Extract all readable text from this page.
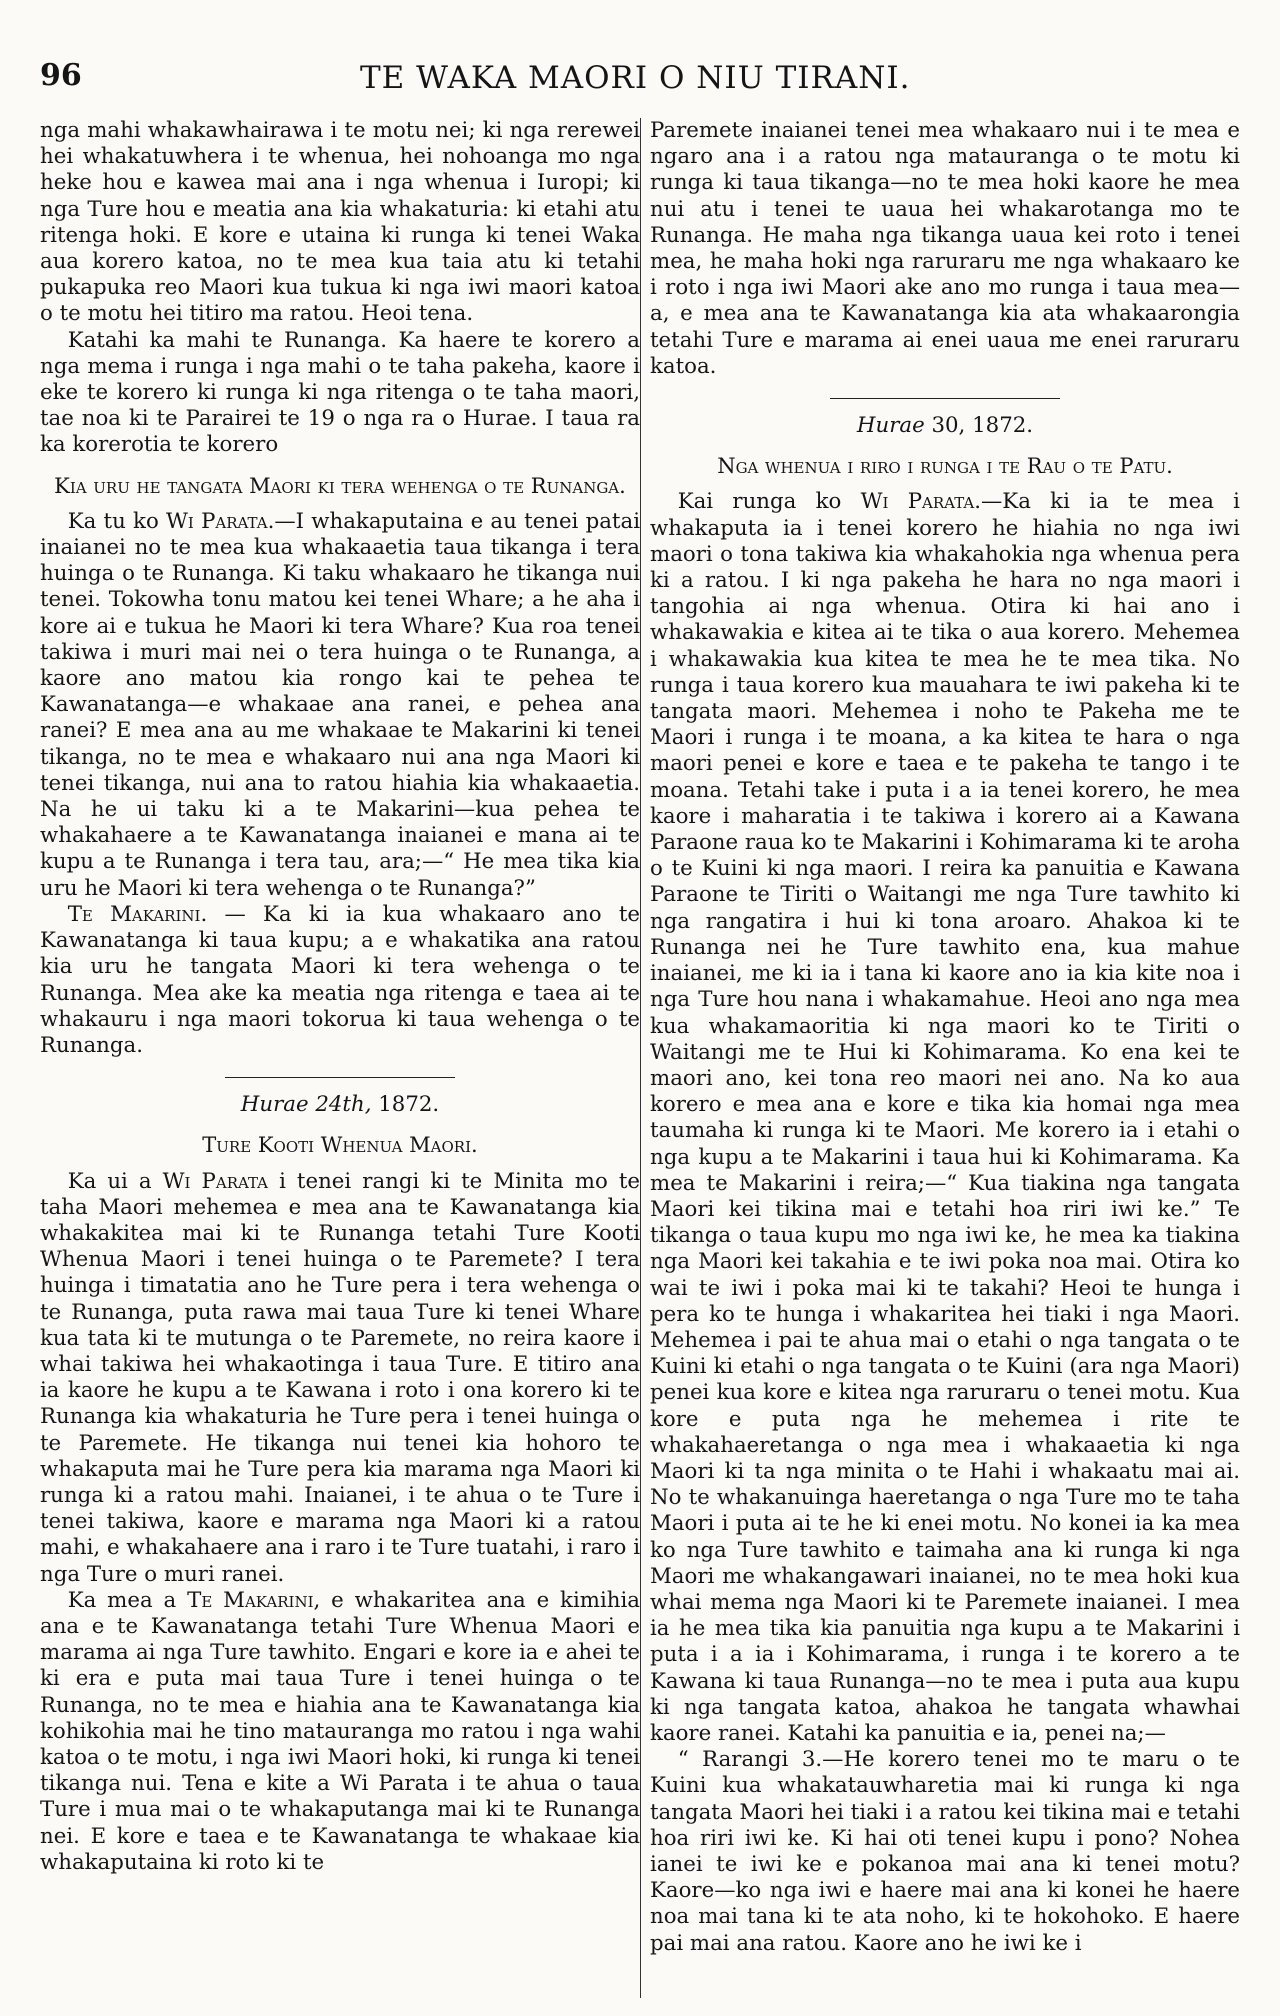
96	TE WAKA MAORI O NIU TIRANI.

nga mahi whakawhairawa i te motu nei; ki nga rerewei hei whakatuwhera i te whenua, hei nohoanga mo nga heke hou e kawea mai ana i nga whenua i Iuropi; ki nga Ture hou e meatia ana kia whakaturia: ki etahi atu ritenga hoki. E kore e utaina ki runga ki tenei Waka aua korero katoa, no te mea kua taia atu ki tetahi pukapuka reo Maori kua tukua ki nga iwi maori katoa o te motu hei titiro ma ratou. Heoi tena.

Katahi ka mahi te Runanga. Ka haere te korero a nga mema i runga i nga mahi o te taha pakeha, kaore i eke te korero ki runga ki nga ritenga o te taha maori, tae noa ki te Parairei te 19 o nga ra o Hurae. I taua ra ka korerotia te korero

Kia uru he tangata Maori ki tera wehenga o te Runanga.

Ka tu ko Wi Parata.—I whakaputaina e au tenei patai inaianei no te mea kua whakaaetia taua tikanga i tera huinga o te Runanga. Ki taku whakaaro he tikanga nui tenei. Tokowha tonu matou kei tenei Whare; a he aha i kore ai e tukua he Maori ki tera Whare? Kua roa tenei takiwa i muri mai nei o tera huinga o te Runanga, a kaore ano matou kia rongo kai te pehea te Kawanatanga—e whakaae ana ranei, e pehea ana ranei? E mea ana au me whakaae te Makarini ki tenei tikanga, no te mea e whakaaro nui ana nga Maori ki tenei tikanga, nui ana to ratou hiahia kia whakaaetia. Na he ui taku ki a te Makarini—kua pehea te whakahaere a te Kawanatanga inaianei e mana ai te kupu a te Runanga i tera tau, ara;—“ He mea tika kia uru he Maori ki tera wehenga o te Runanga?”

Te Makarini. — Ka ki ia kua whakaaro ano te Kawanatanga ki taua kupu; a e whakatika ana ratou kia uru he tangata Maori ki tera wehenga o te Runanga. Mea ake ka meatia nga ritenga e taea ai te whakauru i nga maori tokorua ki taua wehenga o te Runanga.

Hurae 24th, 1872.

Ture Kooti Whenua Maori.

Ka ui a Wi Parata i tenei rangi ki te Minita mo te taha Maori mehemea e mea ana te Kawanatanga kia whakakitea mai ki te Runanga tetahi Ture Kooti Whenua Maori i tenei huinga o te Paremete? I tera huinga i timatatia ano he Ture pera i tera wehenga o te Runanga, puta rawa mai taua Ture ki tenei Whare kua tata ki te mutunga o te Paremete, no reira kaore i whai takiwa hei whakaotinga i taua Ture. E titiro ana ia kaore he kupu a te Kawana i roto i ona korero ki te Runanga kia whakaturia he Ture pera i tenei huinga o te Paremete. He tikanga nui tenei kia hohoro te whakaputa mai he Ture pera kia marama nga Maori ki runga ki a ratou mahi. Inaianei, i te ahua o te Ture i tenei takiwa, kaore e marama nga Maori ki a ratou mahi, e whakahaere ana i raro i te Ture tuatahi, i raro i nga Ture o muri ranei.

Ka mea a Te Makarini, e whakaritea ana e kimihia ana e te Kawanatanga tetahi Ture Whenua Maori e marama ai nga Ture tawhito. Engari e kore ia e ahei te ki era e puta mai taua Ture i tenei huinga o te Runanga, no te mea e hiahia ana te Kawanatanga kia kohikohia mai he tino matauranga mo ratou i nga wahi katoa o te motu, i nga iwi Maori hoki, ki runga ki tenei tikanga nui. Tena e kite a Wi Parata i te ahua o taua Ture i mua mai o te whakaputanga mai ki te Runanga nei. E kore e taea e te Kawanatanga te whakaae kia whakaputaina ki roto ki te

Paremete inaianei tenei mea whakaaro nui i te mea e ngaro ana i a ratou nga matauranga o te motu ki runga ki taua tikanga—no te mea hoki kaore he mea nui atu i tenei te uaua hei whakarotanga mo te Runanga. He maha nga tikanga uaua kei roto i tenei mea, he maha hoki nga raruraru me nga whakaaro ke i roto i nga iwi Maori ake ano mo runga i taua mea—a, e mea ana te Kawanatanga kia ata whakaarongia tetahi Ture e marama ai enei uaua me enei raruraru katoa.

Hurae 30, 1872.

Nga whenua i riro i runga i te Rau o te Patu.

Kai runga ko Wi Parata.—Ka ki ia te mea i whakaputa ia i tenei korero he hiahia no nga iwi maori o tona takiwa kia whakahokia nga whenua pera ki a ratou. I ki nga pakeha he hara no nga maori i tangohia ai nga whenua. Otira ki hai ano i whakawakia e kitea ai te tika o aua korero. Mehemea i whakawakia kua kitea te mea he te mea tika. No runga i taua korero kua mauahara te iwi pakeha ki te tangata maori. Mehemea i noho te Pakeha me te Maori i runga i te moana, a ka kitea te hara o nga maori penei e kore e taea e te pakeha te tango i te moana. Tetahi take i puta i a ia tenei korero, he mea kaore i maharatia i te takiwa i korero ai a Kawana Paraone raua ko te Makarini i Kohimarama ki te aroha o te Kuini ki nga maori. I reira ka panuitia e Kawana Paraone te Tiriti o Waitangi me nga Ture tawhito ki nga rangatira i hui ki tona aroaro. Ahakoa ki te Runanga nei he Ture tawhito ena, kua mahue inaianei, me ki ia i tana ki kaore ano ia kia kite noa i nga Ture hou nana i whakamahue. Heoi ano nga mea kua whakamaoritia ki nga maori ko te Tiriti o Waitangi me te Hui ki Kohimarama. Ko ena kei te maori ano, kei tona reo maori nei ano. Na ko aua korero e mea ana e kore e tika kia homai nga mea taumaha ki runga ki te Maori. Me korero ia i etahi o nga kupu a te Makarini i taua hui ki Kohimarama. Ka mea te Makarini i reira;—“ Kua tiakina nga tangata Maori kei tikina mai e tetahi hoa riri iwi ke.” Te tikanga o taua kupu mo nga iwi ke, he mea ka tiakina nga Maori kei takahia e te iwi poka noa mai. Otira ko wai te iwi i poka mai ki te takahi? Heoi te hunga i pera ko te hunga i whakaritea hei tiaki i nga Maori. Mehemea i pai te ahua mai o etahi o nga tangata o te Kuini ki etahi o nga tangata o te Kuini (ara nga Maori) penei kua kore e kitea nga raruraru o tenei motu. Kua kore e puta nga he mehemea i rite te whakahaeretanga o nga mea i whakaaetia ki nga Maori ki ta nga minita o te Hahi i whakaatu mai ai. No te whakanuinga haeretanga o nga Ture mo te taha Maori i puta ai te he ki enei motu. No konei ia ka mea ko nga Ture tawhito e taimaha ana ki runga ki nga Maori me whakangawari inaianei, no te mea hoki kua whai mema nga Maori ki te Paremete inaianei. I mea ia he mea tika kia panuitia nga kupu a te Makarini i puta i a ia i Kohimarama, i runga i te korero a te Kawana ki taua Runanga—no te mea i puta aua kupu ki nga tangata katoa, ahakoa he tangata whawhai kaore ranei. Katahi ka panuitia e ia, penei na;—

“ Rarangi 3.—He korero tenei mo te maru o te Kuini kua whakatauwharetia mai ki runga ki nga tangata Maori hei tiaki i a ratou kei tikina mai e tetahi hoa riri iwi ke. Ki hai oti tenei kupu i pono? Nohea ianei te iwi ke e pokanoa mai ana ki tenei motu? Kaore—ko nga iwi e haere mai ana ki konei he haere noa mai tana ki te ata noho, ki te hokohoko. E haere pai mai ana ratou. Kaore ano he iwi ke i
